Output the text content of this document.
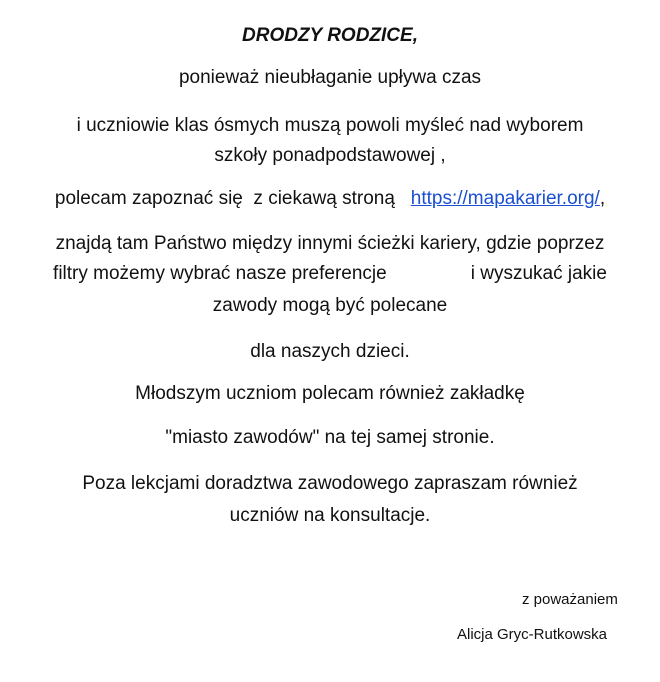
DRODZY RODZICE,
ponieważ nieubłaganie upływa czas
i uczniowie klas ósmych muszą powoli myśleć nad wyborem
szkoły ponadpodstawowej ,
polecam zapoznać się  z ciekawą stroną   https://mapakarier.org/,
znajdą tam Państwo między innymi ścieżki kariery, gdzie poprzez
filtry możemy wybrać nasze preferencje	i wyszukać jakie
zawody mogą być polecane
dla naszych dzieci.
Młodszym uczniom polecam również zakładkę
"miasto zawodów" na tej samej stronie.
Poza lekcjami doradztwa zawodowego zapraszam również
uczniów na konsultacje.
z poważaniem
Alicja Gryc-Rutkowska
